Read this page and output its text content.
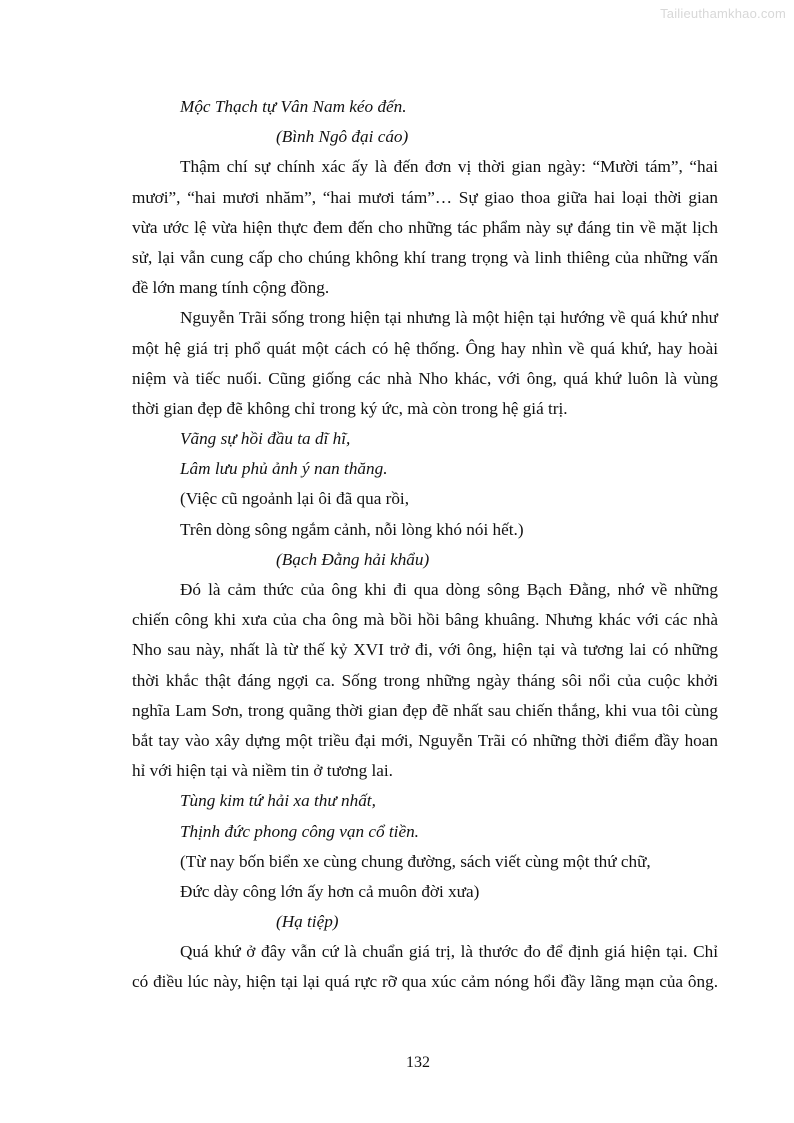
Tailieuthamkhao.com
Mộc Thạch tự Vân Nam kéo đến.
(Bình Ngô đại cáo)
Thậm chí sự chính xác ấy là đến đơn vị thời gian ngày: “Mười tám”, “hai
mươi”, “hai mươi nhăm”, “hai mươi tám”… Sự giao thoa giữa hai loại thời gian
vừa ước lệ vừa hiện thực đem đến cho những tác phẩm này sự đáng tin về mặt lịch
sử, lại vẫn cung cấp cho chúng không khí trang trọng và linh thiêng của những vấn
đề lớn mang tính cộng đồng.
Nguyễn Trãi sống trong hiện tại nhưng là một hiện tại hướng về quá khứ như
một hệ giá trị phổ quát một cách có hệ thống. Ông hay nhìn về quá khứ, hay hoài
niệm và tiếc nuối. Cũng giống các nhà Nho khác, với ông, quá khứ luôn là vùng
thời gian đẹp đẽ không chỉ trong ký ức, mà còn trong hệ giá trị.
Vãng sự hồi đầu ta dĩ hĩ,
Lâm lưu phủ ảnh ý nan thăng.
(Việc cũ ngoảnh lại ôi đã qua rồi,
Trên dòng sông ngắm cảnh, nỗi lòng khó nói hết.)
(Bạch Đằng hải khẩu)
Đó là cảm thức của ông khi đi qua dòng sông Bạch Đằng, nhớ về những
chiến công khi xưa của cha ông mà bồi hồi bâng khuâng. Nhưng khác với các nhà
Nho sau này, nhất là từ thế kỷ XVI trở đi, với ông, hiện tại và tương lai có những
thời khắc thật đáng ngợi ca. Sống trong những ngày tháng sôi nổi của cuộc khởi
nghĩa Lam Sơn, trong quãng thời gian đẹp đẽ nhất sau chiến thắng, khi vua tôi cùng
bắt tay vào xây dựng một triều đại mới, Nguyễn Trãi có những thời điểm đầy hoan
hỉ với hiện tại và niềm tin ở tương lai.
Tùng kim tứ hải xa thư nhất,
Thịnh đức phong công vạn cổ tiền.
(Từ nay bốn biển xe cùng chung đường, sách viết cùng một thứ chữ,
Đức dày công lớn ấy hơn cả muôn đời xưa)
(Hạ tiệp)
Quá khứ ở đây vẫn cứ là chuẩn giá trị, là thước đo để định giá hiện tại. Chỉ
có điều lúc này, hiện tại lại quá rực rỡ qua xúc cảm nóng hổi đầy lãng mạn của ông.
132
